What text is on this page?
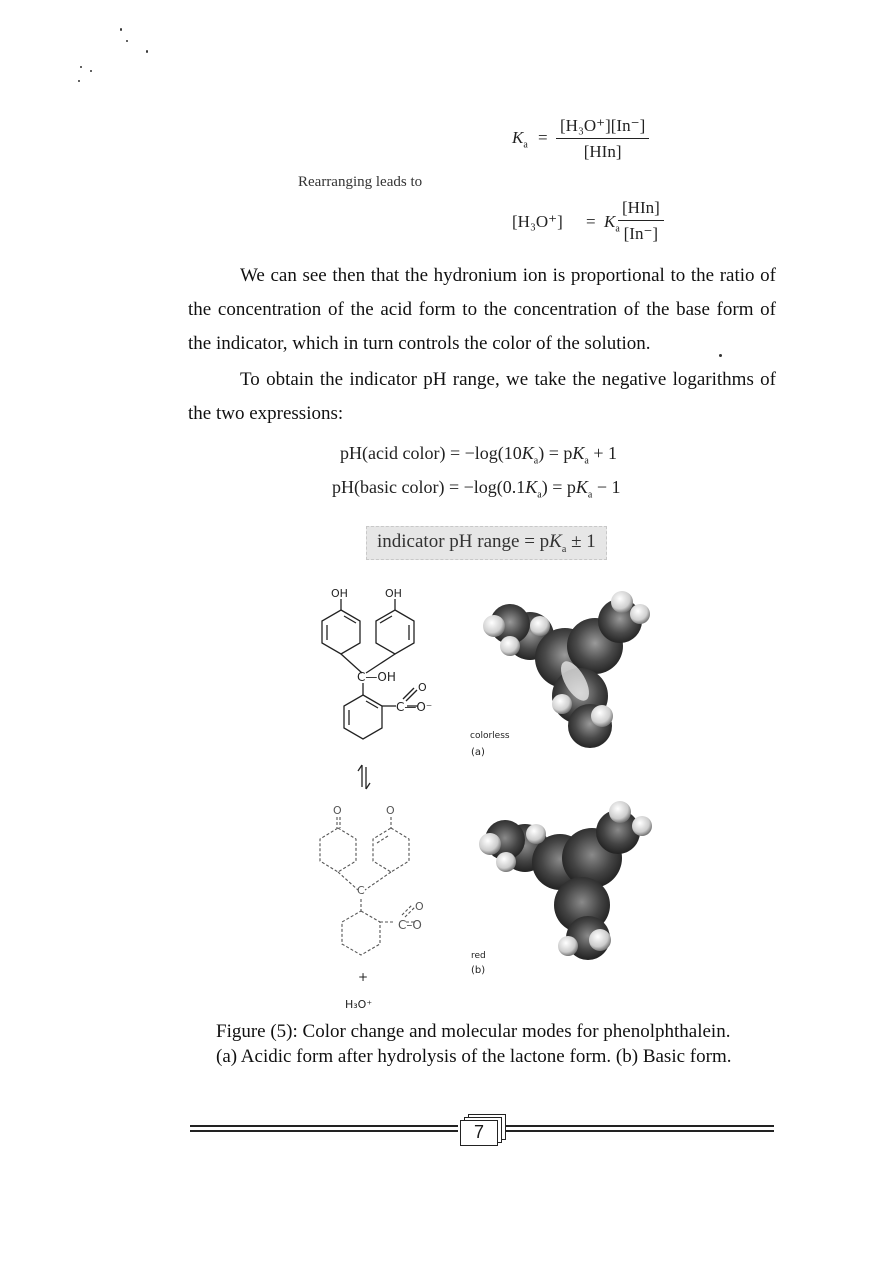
$K_a$ =
[H₃O⁺][In⁻]
[HIn]
Rearranging leads to
$[H_3O^+] = K_a$
[HIn]
[In⁻]
We can see then that the hydronium ion is proportional to the ratio of the concentration of the acid form to the concentration of the base form of the indicator, which in turn controls the color of the solution.
To obtain the indicator pH range, we take the negative logarithms of the two expressions:
pH(acid color) = $-\log(10K_a) = pK_a + 1$
pH(basic color) = $-\log(0.1K_a) = pK_a - 1$
indicator pH range = $pK_a \pm 1$
OH	OH
C—OH
O
C—O⁻
O	O
C
O
C–O
+
H₃O⁺
colorless
(a)
red
(b)
Figure (5): Color change and molecular modes for phenolphthalein.
(a) Acidic form after hydrolysis of the lactone form. (b) Basic form.
7
